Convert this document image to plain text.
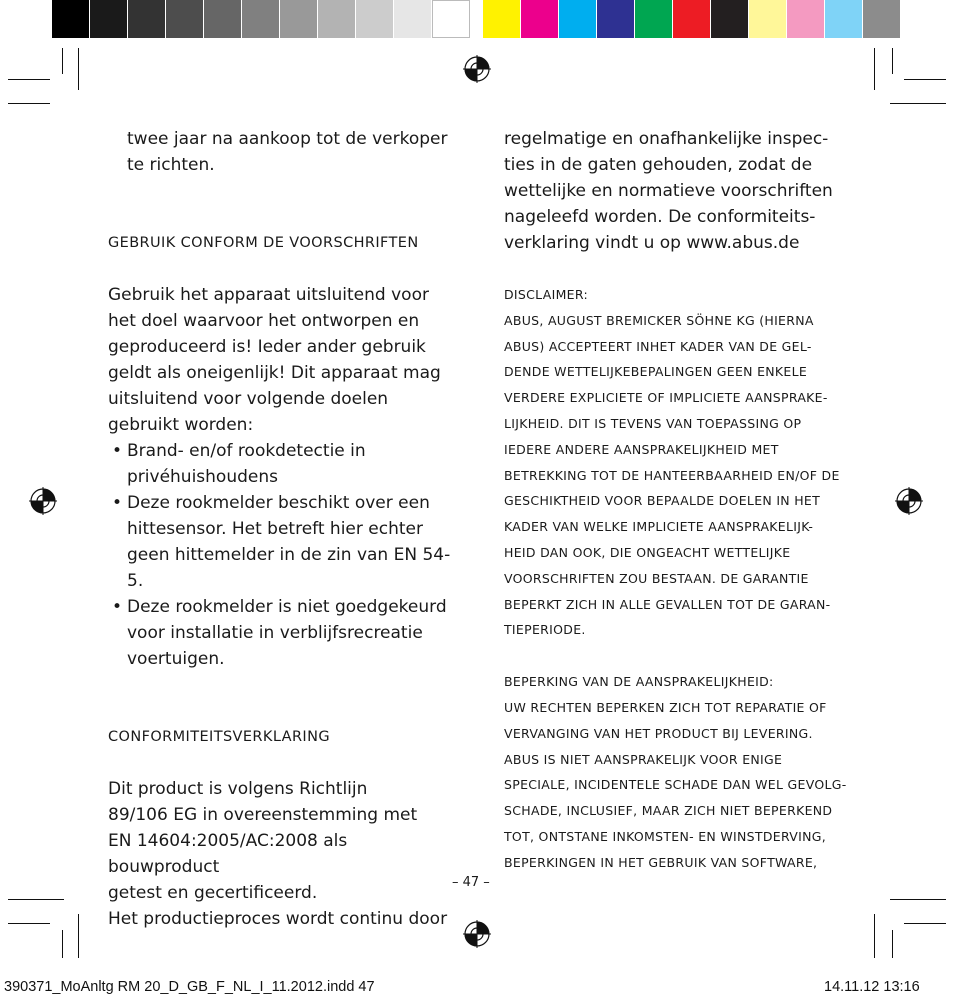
twee jaar na aankoop tot de verkoper

te richten.

GEBRUIK CONFORM DE VOORSCHRIFTEN

Gebruik het apparaat uitsluitend voor

het doel waarvoor het ontworpen en

geproduceerd is! Ieder ander gebruik

geldt als oneigenlijk! Dit apparaat mag

uitsluitend voor volgende doelen

gebruikt worden:

• Brand- en/of rookdetectie in

privéhuishoudens

• Deze rookmelder beschikt over een

hittesensor. Het betreft hier echter

geen hittemelder in de zin van EN 54-5.

• Deze rookmelder is niet goedgekeurd

voor installatie in verblijfsrecreatie

voertuigen.

CONFORMITEITSVERKLARING

Dit product is volgens Richtlijn

89/106 EG in overeenstemming met

EN 14604:2005/AC:2008 als bouwproduct

getest en gecertificeerd.

Het productieproces wordt continu door

regelmatige en onafhankelijke inspec-

ties in de gaten gehouden, zodat de

wettelijke en normatieve voorschriften

nageleefd worden. De conformiteits-

verklaring vindt u op www.abus.de

DISCLAIMER:

ABUS, AUGUST BREMICKER SÖHNE KG (HIERNA

ABUS) ACCEPTEERT INHET KADER VAN DE GEL-

DENDE WETTELIJKEBEPALINGEN GEEN ENKELE

VERDERE EXPLICIETE OF IMPLICIETE AANSPRAKE-

LIJKHEID. DIT IS TEVENS VAN TOEPASSING OP

IEDERE ANDERE AANSPRAKELIJKHEID MET

BETREKKING TOT DE HANTEERBAARHEID EN/OF DE

GESCHIKTHEID VOOR BEPAALDE DOELEN IN HET

KADER VAN WELKE IMPLICIETE AANSPRAKELIJK-

HEID DAN OOK, DIE ONGEACHT WETTELIJKE

VOORSCHRIFTEN ZOU BESTAAN. DE GARANTIE

BEPERKT ZICH IN ALLE GEVALLEN TOT DE GARAN-

TIEPERIODE.

BEPERKING VAN DE AANSPRAKELIJKHEID:

UW RECHTEN BEPERKEN ZICH TOT REPARATIE OF

VERVANGING VAN HET PRODUCT BIJ LEVERING.

ABUS IS NIET AANSPRAKELIJK VOOR ENIGE

SPECIALE, INCIDENTELE SCHADE DAN WEL GEVOLG-

SCHADE, INCLUSIEF, MAAR ZICH NIET BEPERKEND

TOT, ONTSTANE INKOMSTEN- EN WINSTDERVING,

BEPERKINGEN IN HET GEBRUIK VAN SOFTWARE,

– 47 –
390371_MoAnltg RM 20_D_GB_F_NL_I_11.2012.indd 47	14.11.12 13:16
